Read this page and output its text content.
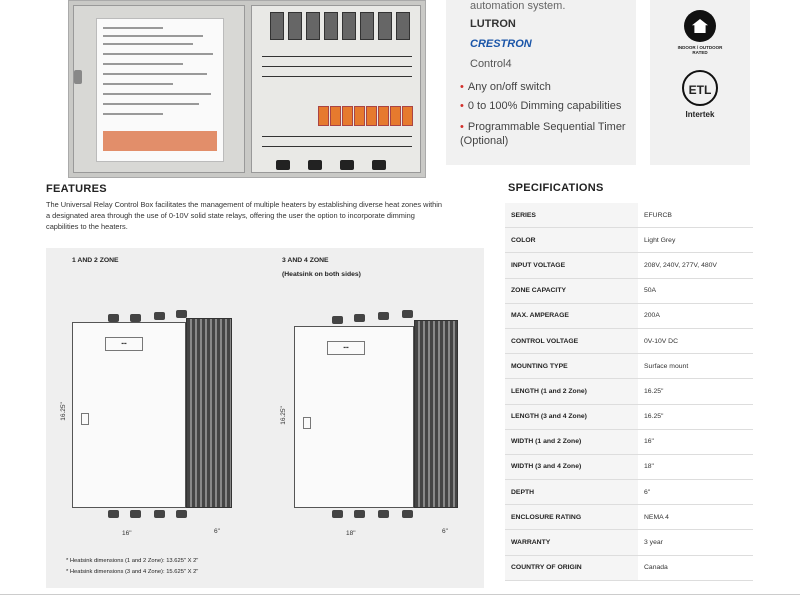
automation system.
LUTRON
CRESTRON
Control4
• Any on/off switch
• 0 to 100% Dimming capabilities
• Programmable Sequential Timer (Optional)
INDOOR / OUTDOOR RATED
ETL
Intertek
FEATURES
The Universal Relay Control Box facilitates the management of multiple heaters by establishing diverse heat zones within a designated area through the use of 0-10V solid state relays, offering the user the option to incorporate dimming capbilities to the heaters.
1 AND 2 ZONE	3 AND 4 ZONE
(Heatsink on both sides)
▪▪▪
16.25"
16"	6"
▪▪▪
16.25"
18"	6"
* Heatsink dimensions (1 and 2 Zone): 13.625" X 2"
* Heatsink dimensions (3 and 4 Zone): 15.625" X 2"
SPECIFICATIONS
SERIES	EFURCB
COLOR	Light Grey
INPUT VOLTAGE	208V, 240V, 277V, 480V
ZONE CAPACITY	50A
MAX. AMPERAGE	200A
CONTROL VOLTAGE	0V-10V DC
MOUNTING TYPE	Surface mount
LENGTH (1 and 2 Zone)	16.25"
LENGTH (3 and 4 Zone)	16.25"
WIDTH (1 and 2 Zone)	16"
WIDTH (3 and 4 Zone)	18"
DEPTH	6"
ENCLOSURE RATING	NEMA 4
WARRANTY	3 year
COUNTRY OF ORIGIN	Canada
